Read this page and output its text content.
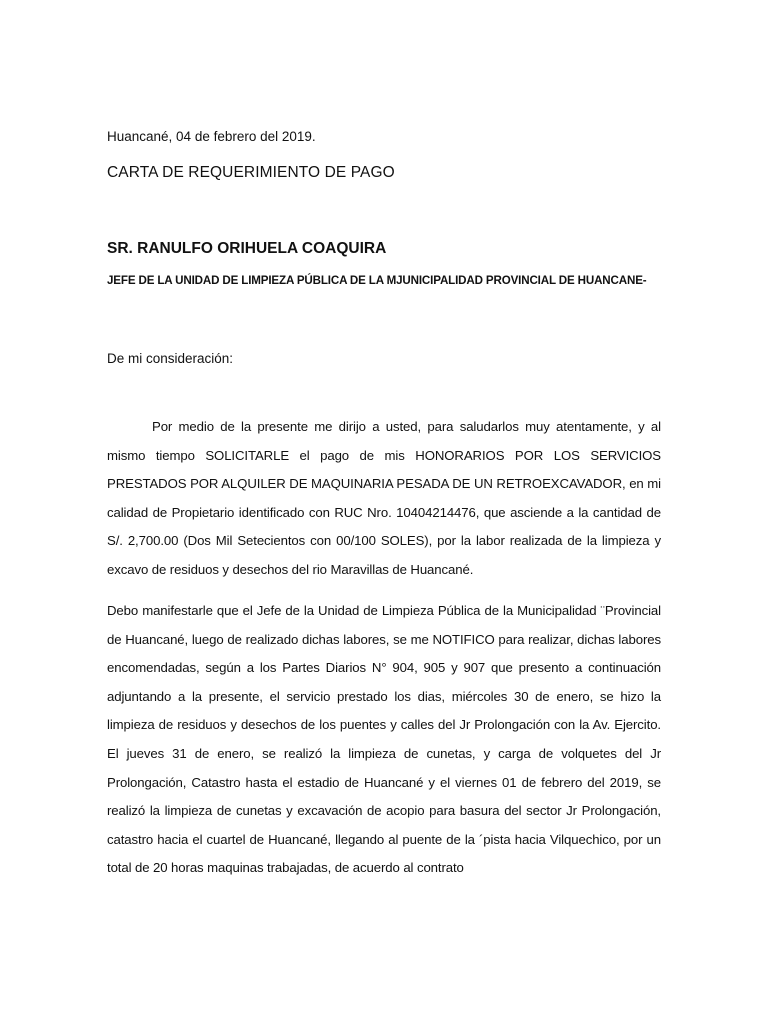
Huancané, 04 de febrero del 2019.

CARTA DE REQUERIMIENTO DE PAGO

SR. RANULFO ORIHUELA COAQUIRA

JEFE DE LA UNIDAD DE LIMPIEZA PÚBLICA DE LA MJUNICIPALIDAD PROVINCIAL DE HUANCANE-

De mi consideración:

Por medio de la presente me dirijo a usted, para saludarlos muy atentamente, y al mismo tiempo SOLICITARLE el pago de mis HONORARIOS POR LOS SERVICIOS PRESTADOS POR ALQUILER DE MAQUINARIA PESADA DE UN RETROEXCAVADOR, en mi calidad de Propietario identificado con RUC Nro. 10404214476, que asciende a la cantidad de S/. 2,700.00 (Dos Mil Setecientos con 00/100 SOLES), por la labor realizada de la limpieza y excavo de residuos y desechos del rio Maravillas de Huancané.

Debo manifestarle que el Jefe de la Unidad de Limpieza Pública de la Municipalidad ¨Provincial de Huancané, luego de realizado dichas labores, se me NOTIFICO para realizar, dichas labores encomendadas, según a los Partes Diarios N° 904, 905 y 907 que presento a continuación adjuntando a la presente, el servicio prestado los dias, miércoles 30 de enero, se hizo la limpieza de residuos y desechos de los puentes y calles del Jr Prolongación con la Av. Ejercito. El jueves 31 de enero, se realizó la limpieza de cunetas, y carga de volquetes del Jr Prolongación, Catastro hasta el estadio de Huancané y el viernes 01 de febrero del 2019, se realizó la limpieza de cunetas y excavación de acopio para basura del sector Jr Prolongación, catastro hacia el cuartel de Huancané, llegando al puente de la ´pista hacia Vilquechico, por un total de 20 horas maquinas trabajadas, de acuerdo al contrato
